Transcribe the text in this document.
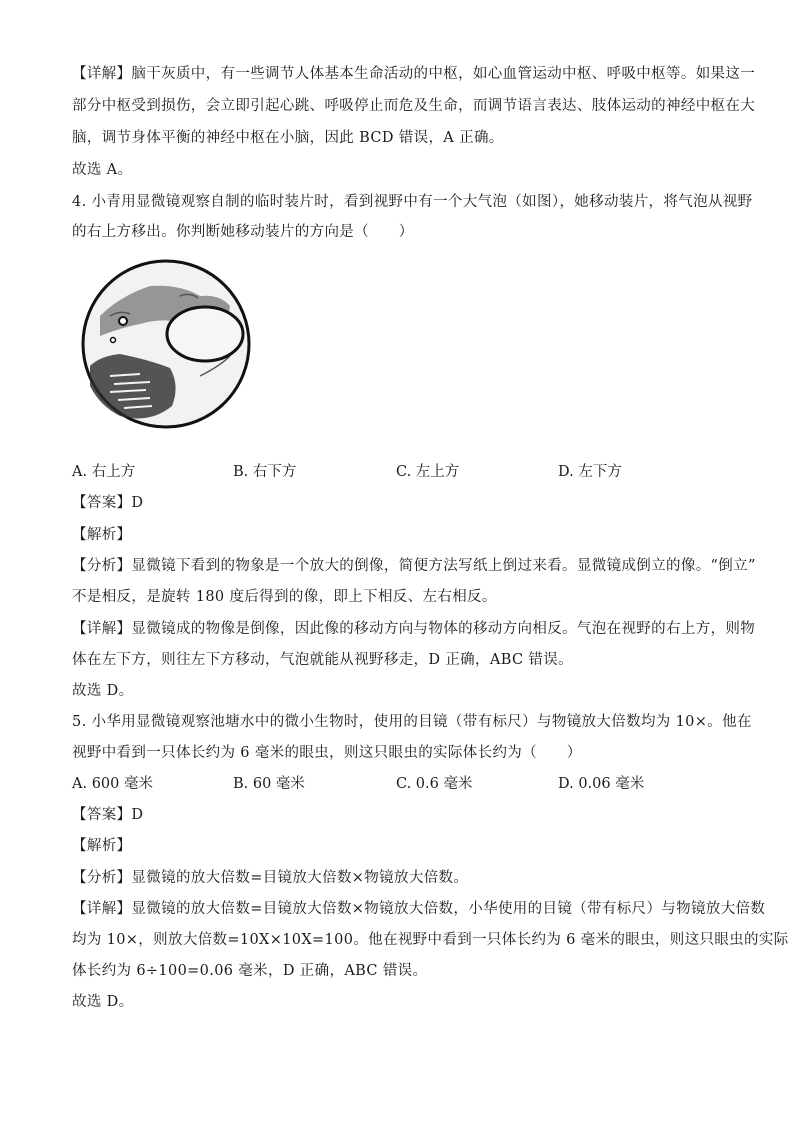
【详解】脑干灰质中，有一些调节人体基本生命活动的中枢，如心血管运动中枢、呼吸中枢等。如果这一
部分中枢受到损伤，会立即引起心跳、呼吸停止而危及生命，而调节语言表达、肢体运动的神经中枢在大
脑，调节身体平衡的神经中枢在小脑，因此 BCD 错误，A 正确。
故选 A。
4. 小青用显微镜观察自制的临时装片时，看到视野中有一个大气泡（如图），她移动装片，将气泡从视野
的右上方移出。你判断她移动装片的方向是（　　）
A. 右上方	B. 右下方	C. 左上方	D. 左下方
【答案】D
【解析】
【分析】显微镜下看到的物象是一个放大的倒像，简便方法写纸上倒过来看。显微镜成倒立的像。“倒立”
不是相反，是旋转 180 度后得到的像，即上下相反、左右相反。
【详解】显微镜成的物像是倒像，因此像的移动方向与物体的移动方向相反。气泡在视野的右上方，则物
体在左下方，则往左下方移动，气泡就能从视野移走，D 正确，ABC 错误。
故选 D。
5. 小华用显微镜观察池塘水中的微小生物时，使用的目镜（带有标尺）与物镜放大倍数均为 10×。他在
视野中看到一只体长约为 6 毫米的眼虫，则这只眼虫的实际体长约为（　　）
A. 600 毫米	B. 60 毫米	C. 0.6 毫米	D. 0.06 毫米
【答案】D
【解析】
【分析】显微镜的放大倍数=目镜放大倍数×物镜放大倍数。
【详解】显微镜的放大倍数=目镜放大倍数×物镜放大倍数，小华使用的目镜（带有标尺）与物镜放大倍数
均为 10×，则放大倍数=10X×10X=100。他在视野中看到一只体长约为 6 毫米的眼虫，则这只眼虫的实际
体长约为 6÷100=0.06 毫米，D 正确，ABC 错误。
故选 D。
